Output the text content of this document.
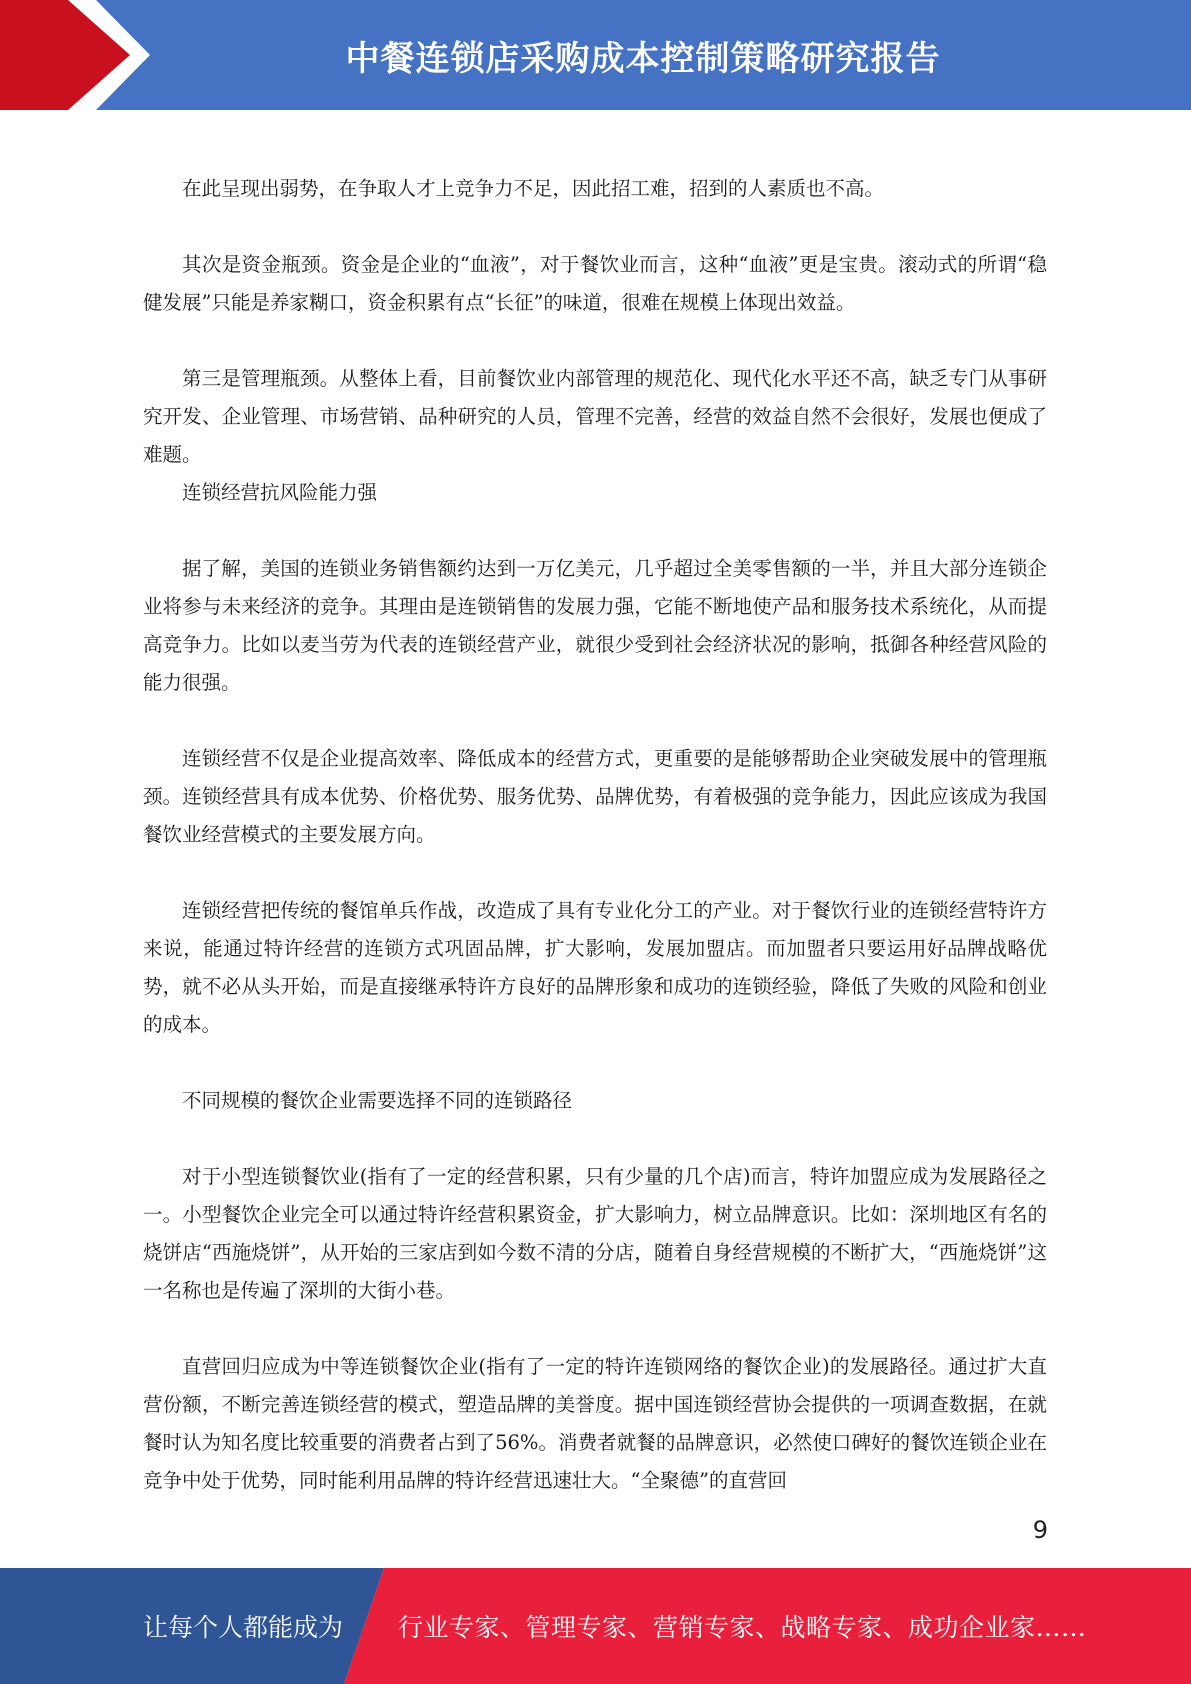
中餐连锁店采购成本控制策略研究报告

在此呈现出弱势，在争取人才上竞争力不足，因此招工难，招到的人素质也不高。

其次是资金瓶颈。资金是企业的“血液”，对于餐饮业而言，这种“血液”更是宝贵。滚动式的所谓“稳健发展”只能是养家糊口，资金积累有点“长征”的味道，很难在规模上体现出效益。

第三是管理瓶颈。从整体上看，目前餐饮业内部管理的规范化、现代化水平还不高，缺乏专门从事研究开发、企业管理、市场营销、品种研究的人员，管理不完善，经营的效益自然不会很好，发展也便成了难题。

连锁经营抗风险能力强

据了解，美国的连锁业务销售额约达到一万亿美元，几乎超过全美零售额的一半，并且大部分连锁企业将参与未来经济的竞争。其理由是连锁销售的发展力强，它能不断地使产品和服务技术系统化，从而提高竞争力。比如以麦当劳为代表的连锁经营产业，就很少受到社会经济状况的影响，抵御各种经营风险的能力很强。

连锁经营不仅是企业提高效率、降低成本的经营方式，更重要的是能够帮助企业突破发展中的管理瓶颈。连锁经营具有成本优势、价格优势、服务优势、品牌优势，有着极强的竞争能力，因此应该成为我国餐饮业经营模式的主要发展方向。

连锁经营把传统的餐馆单兵作战，改造成了具有专业化分工的产业。对于餐饮行业的连锁经营特许方来说，能通过特许经营的连锁方式巩固品牌，扩大影响，发展加盟店。而加盟者只要运用好品牌战略优势，就不必从头开始，而是直接继承特许方良好的品牌形象和成功的连锁经验，降低了失败的风险和创业的成本。

不同规模的餐饮企业需要选择不同的连锁路径

对于小型连锁餐饮业(指有了一定的经营积累，只有少量的几个店)而言，特许加盟应成为发展路径之一。小型餐饮企业完全可以通过特许经营积累资金，扩大影响力，树立品牌意识。比如：深圳地区有名的烧饼店“西施烧饼”，从开始的三家店到如今数不清的分店，随着自身经营规模的不断扩大，“西施烧饼”这一名称也是传遍了深圳的大街小巷。

直营回归应成为中等连锁餐饮企业(指有了一定的特许连锁网络的餐饮企业)的发展路径。通过扩大直营份额，不断完善连锁经营的模式，塑造品牌的美誉度。据中国连锁经营协会提供的一项调查数据，在就餐时认为知名度比较重要的消费者占到了56%。消费者就餐的品牌意识，必然使口碑好的餐饮连锁企业在竞争中处于优势，同时能利用品牌的特许经营迅速壮大。“全聚德”的直营回

9
让每个人都能成为 行业专家、管理专家、营销专家、战略专家、成功企业家……
